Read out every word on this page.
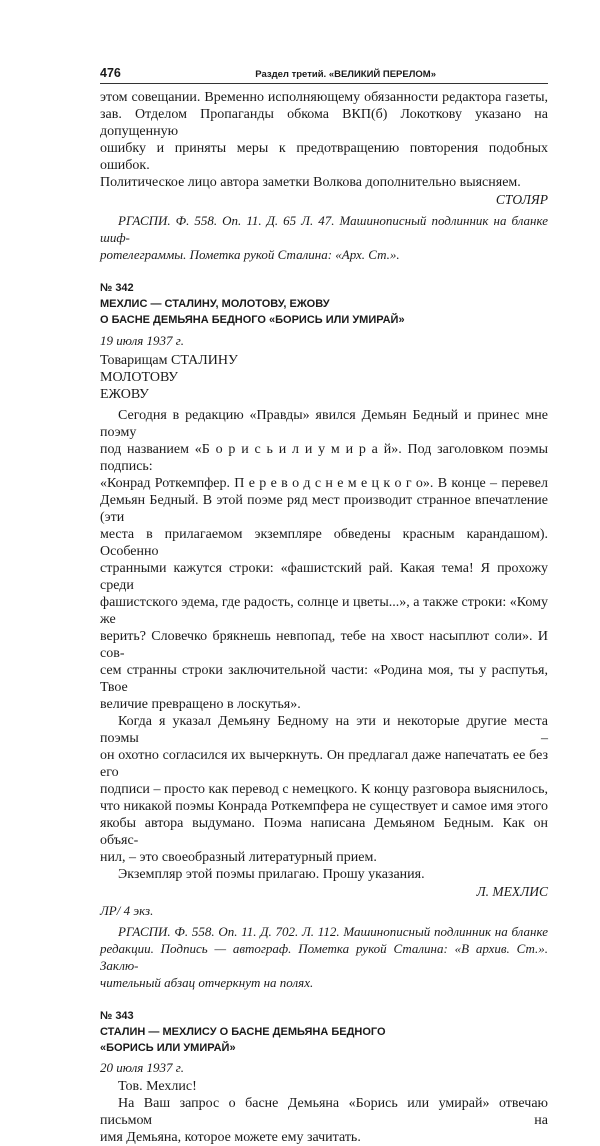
476	Раздел третий. «ВЕЛИКИЙ ПЕРЕЛОМ»
этом совещании. Временно исполняющему обязанности редактора газеты,
зав. Отделом Пропаганды обкома ВКП(б) Локоткову указано на допущенную
ошибку и приняты меры к предотвращению повторения подобных ошибок.
Политическое лицо автора заметки Волкова дополнительно выясняем.
СТОЛЯР
РГАСПИ. Ф. 558. Оп. 11. Д. 65 Л. 47. Машинописный подлинник на бланке шиф-
ротелеграммы. Пометка рукой Сталина: «Арх. Ст.».
№ 342
МЕХЛИС — СТАЛИНУ, МОЛОТОВУ, ЕЖОВУ
О БАСНЕ ДЕМЬЯНА БЕДНОГО «БОРИСЬ ИЛИ УМИРАЙ»
19 июля 1937 г.
Товарищам СТАЛИНУ
МОЛОТОВУ
ЕЖОВУ
Сегодня в редакцию «Правды» явился Демьян Бедный и принес мне поэму
под названием «Б о р и с ь и л и у м и р а й». Под заголовком поэмы подпись:
«Конрад Роткемпфер. П е р е в о д с н е м е ц к о г о». В конце – перевел
Демьян Бедный. В этой поэме ряд мест производит странное впечатление (эти
места в прилагаемом экземпляре обведены красным карандашом). Особенно
странными кажутся строки: «фашистский рай. Какая тема! Я прохожу среди
фашистского эдема, где радость, солнце и цветы...», а также строки: «Кому же
верить? Словечко брякнешь невпопад, тебе на хвост насыплют соли». И сов-
сем странны строки заключительной части: «Родина моя, ты у распутья, Твое
величие превращено в лоскутья».
Когда я указал Демьяну Бедному на эти и некоторые другие места поэмы –
он охотно согласился их вычеркнуть. Он предлагал даже напечатать ее без его
подписи – просто как перевод с немецкого. К концу разговора выяснилось,
что никакой поэмы Конрада Роткемпфера не существует и самое имя этого
якобы автора выдумано. Поэма написана Демьяном Бедным. Как он объяс-
нил, – это своеобразный литературный прием.
Экземпляр этой поэмы прилагаю. Прошу указания.
Л. МЕХЛИС
ЛР/ 4 экз.
РГАСПИ. Ф. 558. Оп. 11. Д. 702. Л. 112. Машинописный подлинник на бланке
редакции. Подпись — автограф. Пометка рукой Сталина: «В архив. Ст.». Заклю-
чительный абзац отчеркнут на полях.
№ 343
СТАЛИН — МЕХЛИСУ О БАСНЕ ДЕМЬЯНА БЕДНОГО
«БОРИСЬ ИЛИ УМИРАЙ»
20 июля 1937 г.
Тов. Мехлис!
На Ваш запрос о басне Демьяна «Борись или умирай» отвечаю письмом на
имя Демьяна, которое можете ему зачитать.
